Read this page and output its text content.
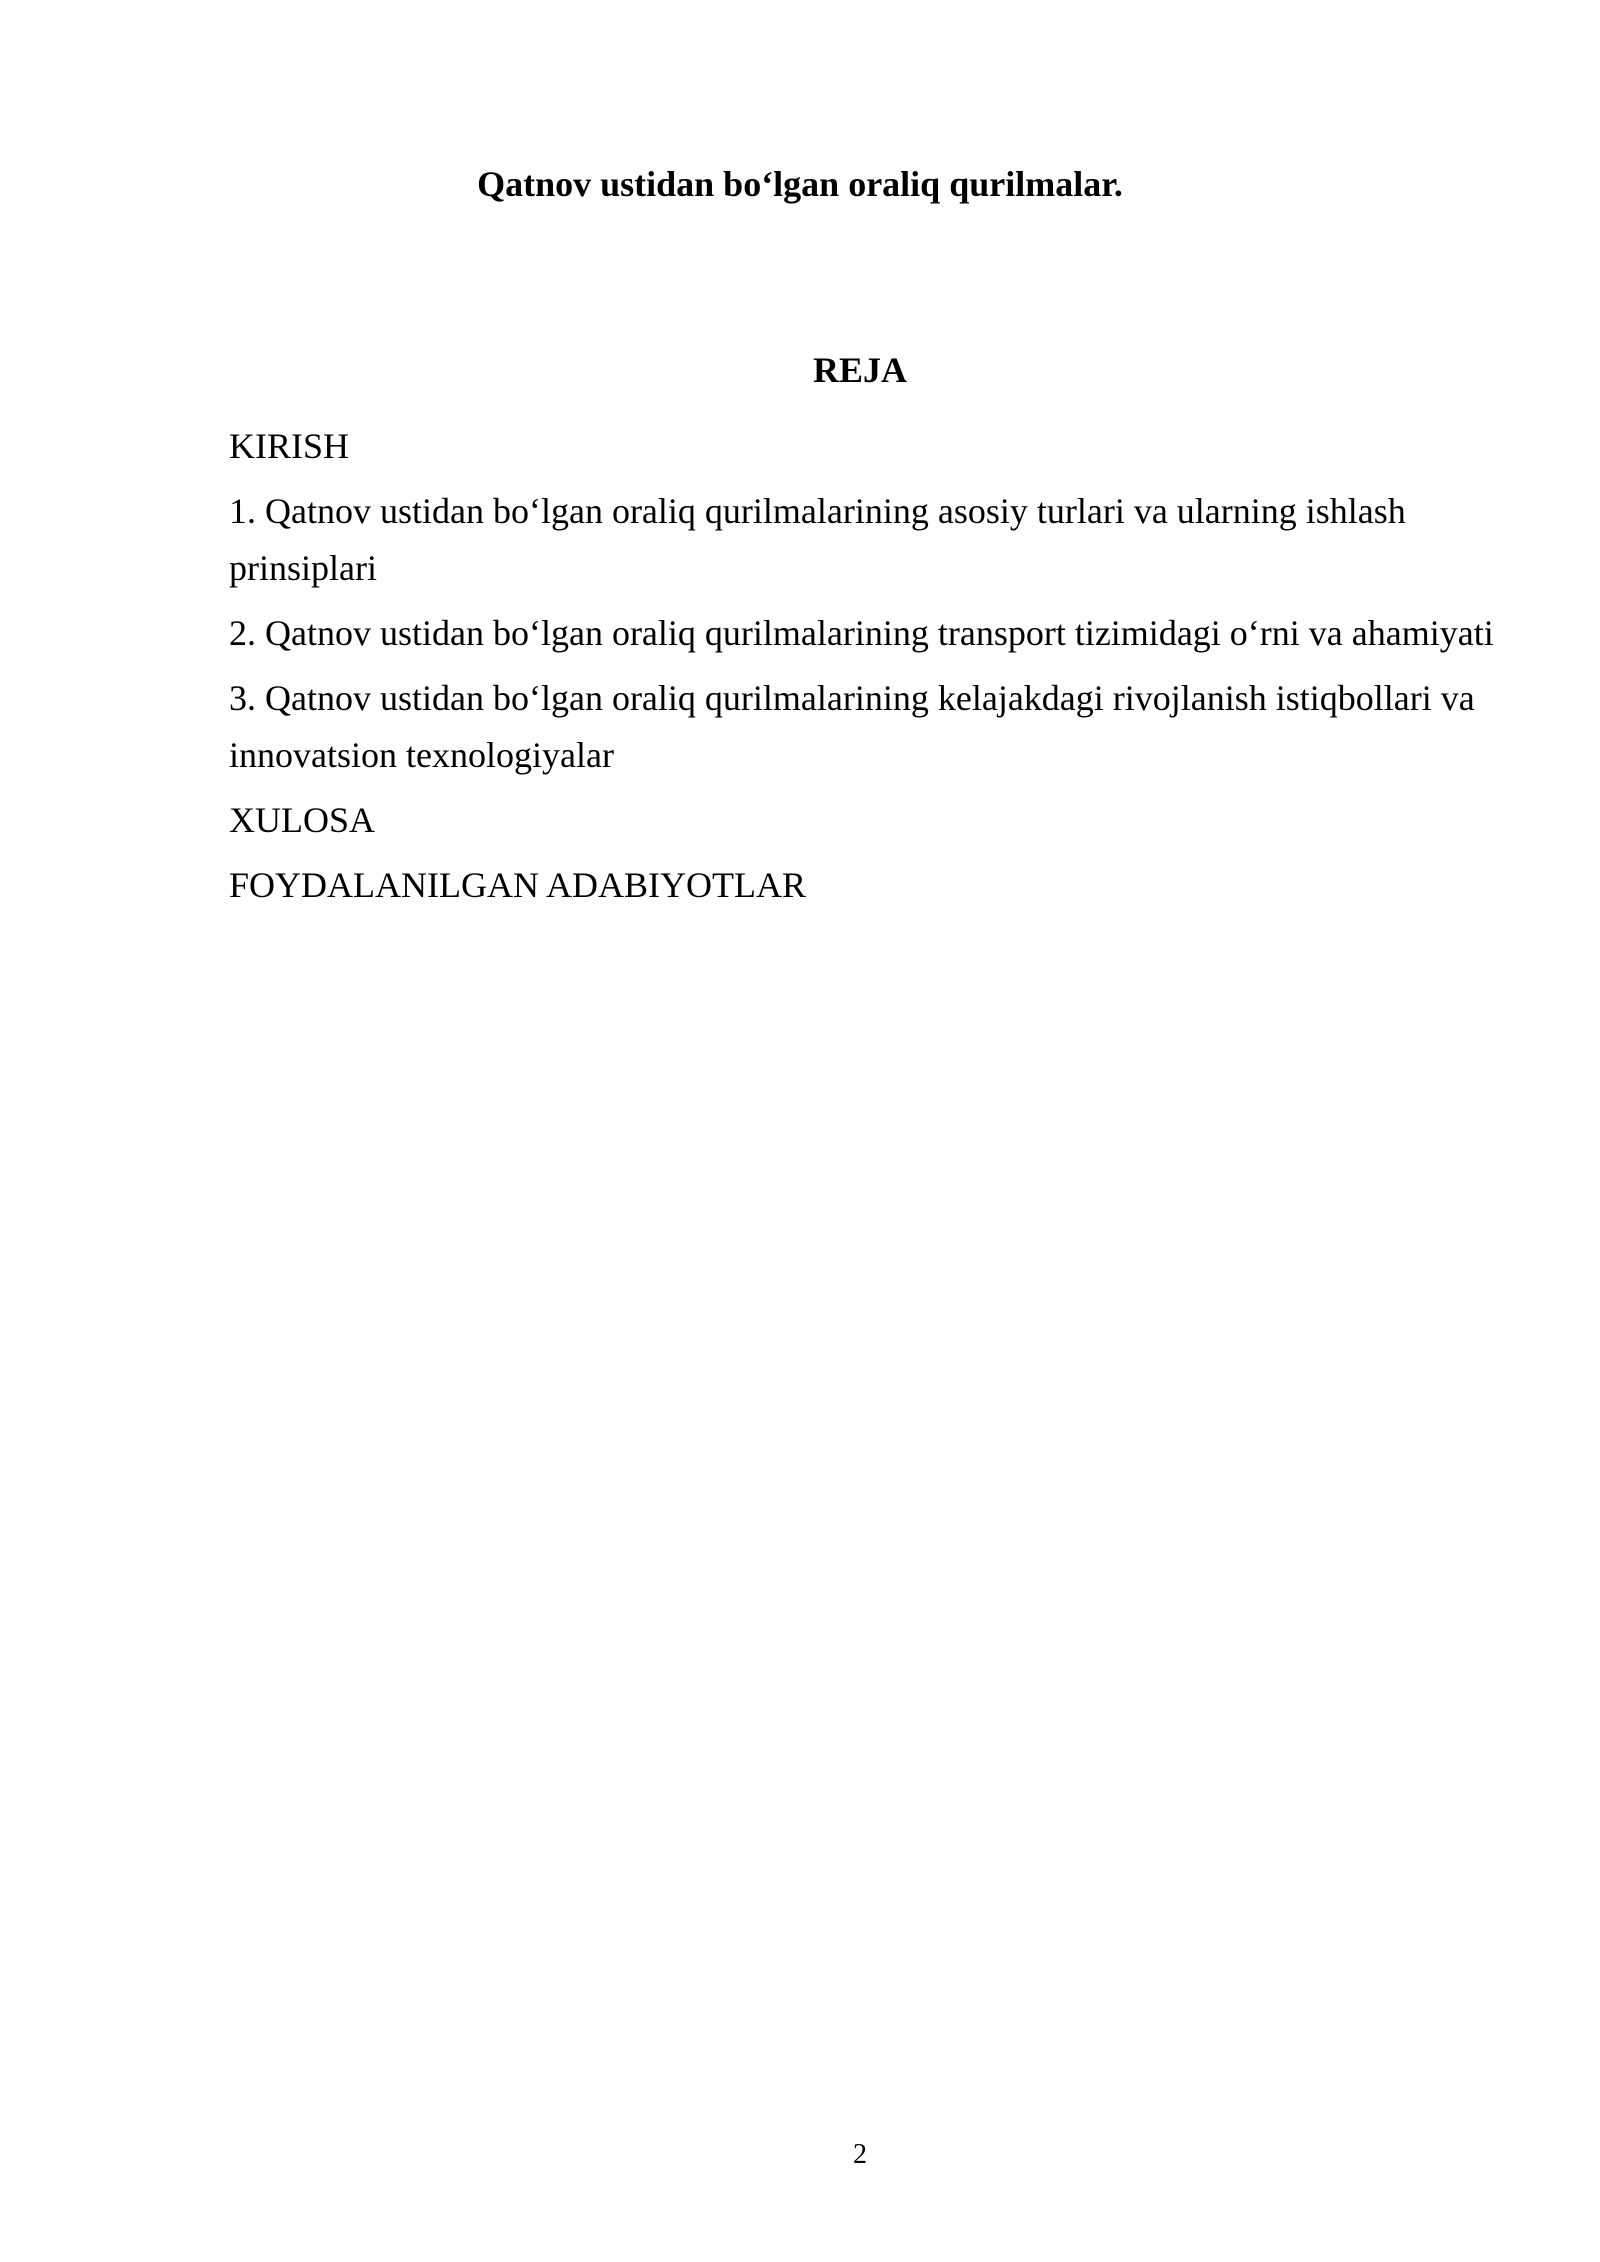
Qatnov ustidan bo‘lgan oraliq qurilmalar.
REJA
KIRISH
1. Qatnov ustidan bo‘lgan oraliq qurilmalarining asosiy turlari va ularning ishlash prinsiplari
2. Qatnov ustidan bo‘lgan oraliq qurilmalarining transport tizimidagi o‘rni va ahamiyati
3. Qatnov ustidan bo‘lgan oraliq qurilmalarining kelajakdagi rivojlanish istiqbollari va innovatsion texnologiyalar
XULOSA
FOYDALANILGAN ADABIYOTLAR
2
